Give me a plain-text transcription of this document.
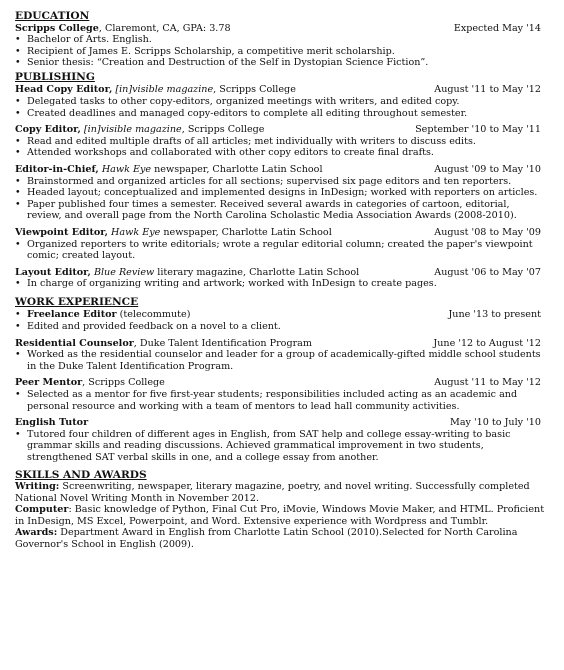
EDUCATION
Scripps College, Claremont, CA, GPA: 3.78	Expected May '14
• Bachelor of Arts. English.
• Recipient of James E. Scripps Scholarship, a competitive merit scholarship.
• Senior thesis: “Creation and Destruction of the Self in Dystopian Science Fiction”.
PUBLISHING
Head Copy Editor, [in]visible magazine, Scripps College	August '11 to May '12
• Delegated tasks to other copy-editors, organized meetings with writers, and edited copy.
• Created deadlines and managed copy-editors to complete all editing throughout semester.
Copy Editor, [in]visible magazine, Scripps College	September '10 to May '11
• Read and edited multiple drafts of all articles; met individually with writers to discuss edits.
• Attended workshops and collaborated with other copy editors to create final drafts.
Editor-in-Chief, Hawk Eye newspaper, Charlotte Latin School	August '09 to May '10
• Brainstormed and organized articles for all sections; supervised six page editors and ten reporters.
• Headed layout; conceptualized and implemented designs in InDesign; worked with reporters on articles.
• Paper published four times a semester. Received several awards in categories of cartoon, editorial, review, and overall page from the North Carolina Scholastic Media Association Awards (2008-2010).
Viewpoint Editor, Hawk Eye newspaper, Charlotte Latin School	August '08 to May '09
• Organized reporters to write editorials; wrote a regular editorial column; created the paper's viewpoint comic; created layout.
Layout Editor, Blue Review literary magazine, Charlotte Latin School	August '06 to May '07
• In charge of organizing writing and artwork; worked with InDesign to create pages.
WORK EXPERIENCE
• Freelance Editor (telecommute)	June '13 to present
• Edited and provided feedback on a novel to a client.
Residential Counselor, Duke Talent Identification Program	June '12 to August '12
• Worked as the residential counselor and leader for a group of academically-gifted middle school students in the Duke Talent Identification Program.
Peer Mentor, Scripps College	August '11 to May '12
• Selected as a mentor for five first-year students; responsibilities included acting as an academic and personal resource and working with a team of mentors to lead hall community activities.
English Tutor	May '10 to July '10
• Tutored four children of different ages in English, from SAT help and college essay-writing to basic grammar skills and reading discussions. Achieved grammatical improvement in two students, strengthened SAT verbal skills in one, and a college essay from another.
SKILLS AND AWARDS

Writing: Screenwriting, newspaper, literary magazine, poetry, and novel writing. Successfully completed National Novel Writing Month in November 2012.

Computer: Basic knowledge of Python, Final Cut Pro, iMovie, Windows Movie Maker, and HTML. Proficient in InDesign, MS Excel, Powerpoint, and Word. Extensive experience with Wordpress and Tumblr.

Awards: Department Award in English from Charlotte Latin School (2010).Selected for North Carolina Governor's School in English (2009).
